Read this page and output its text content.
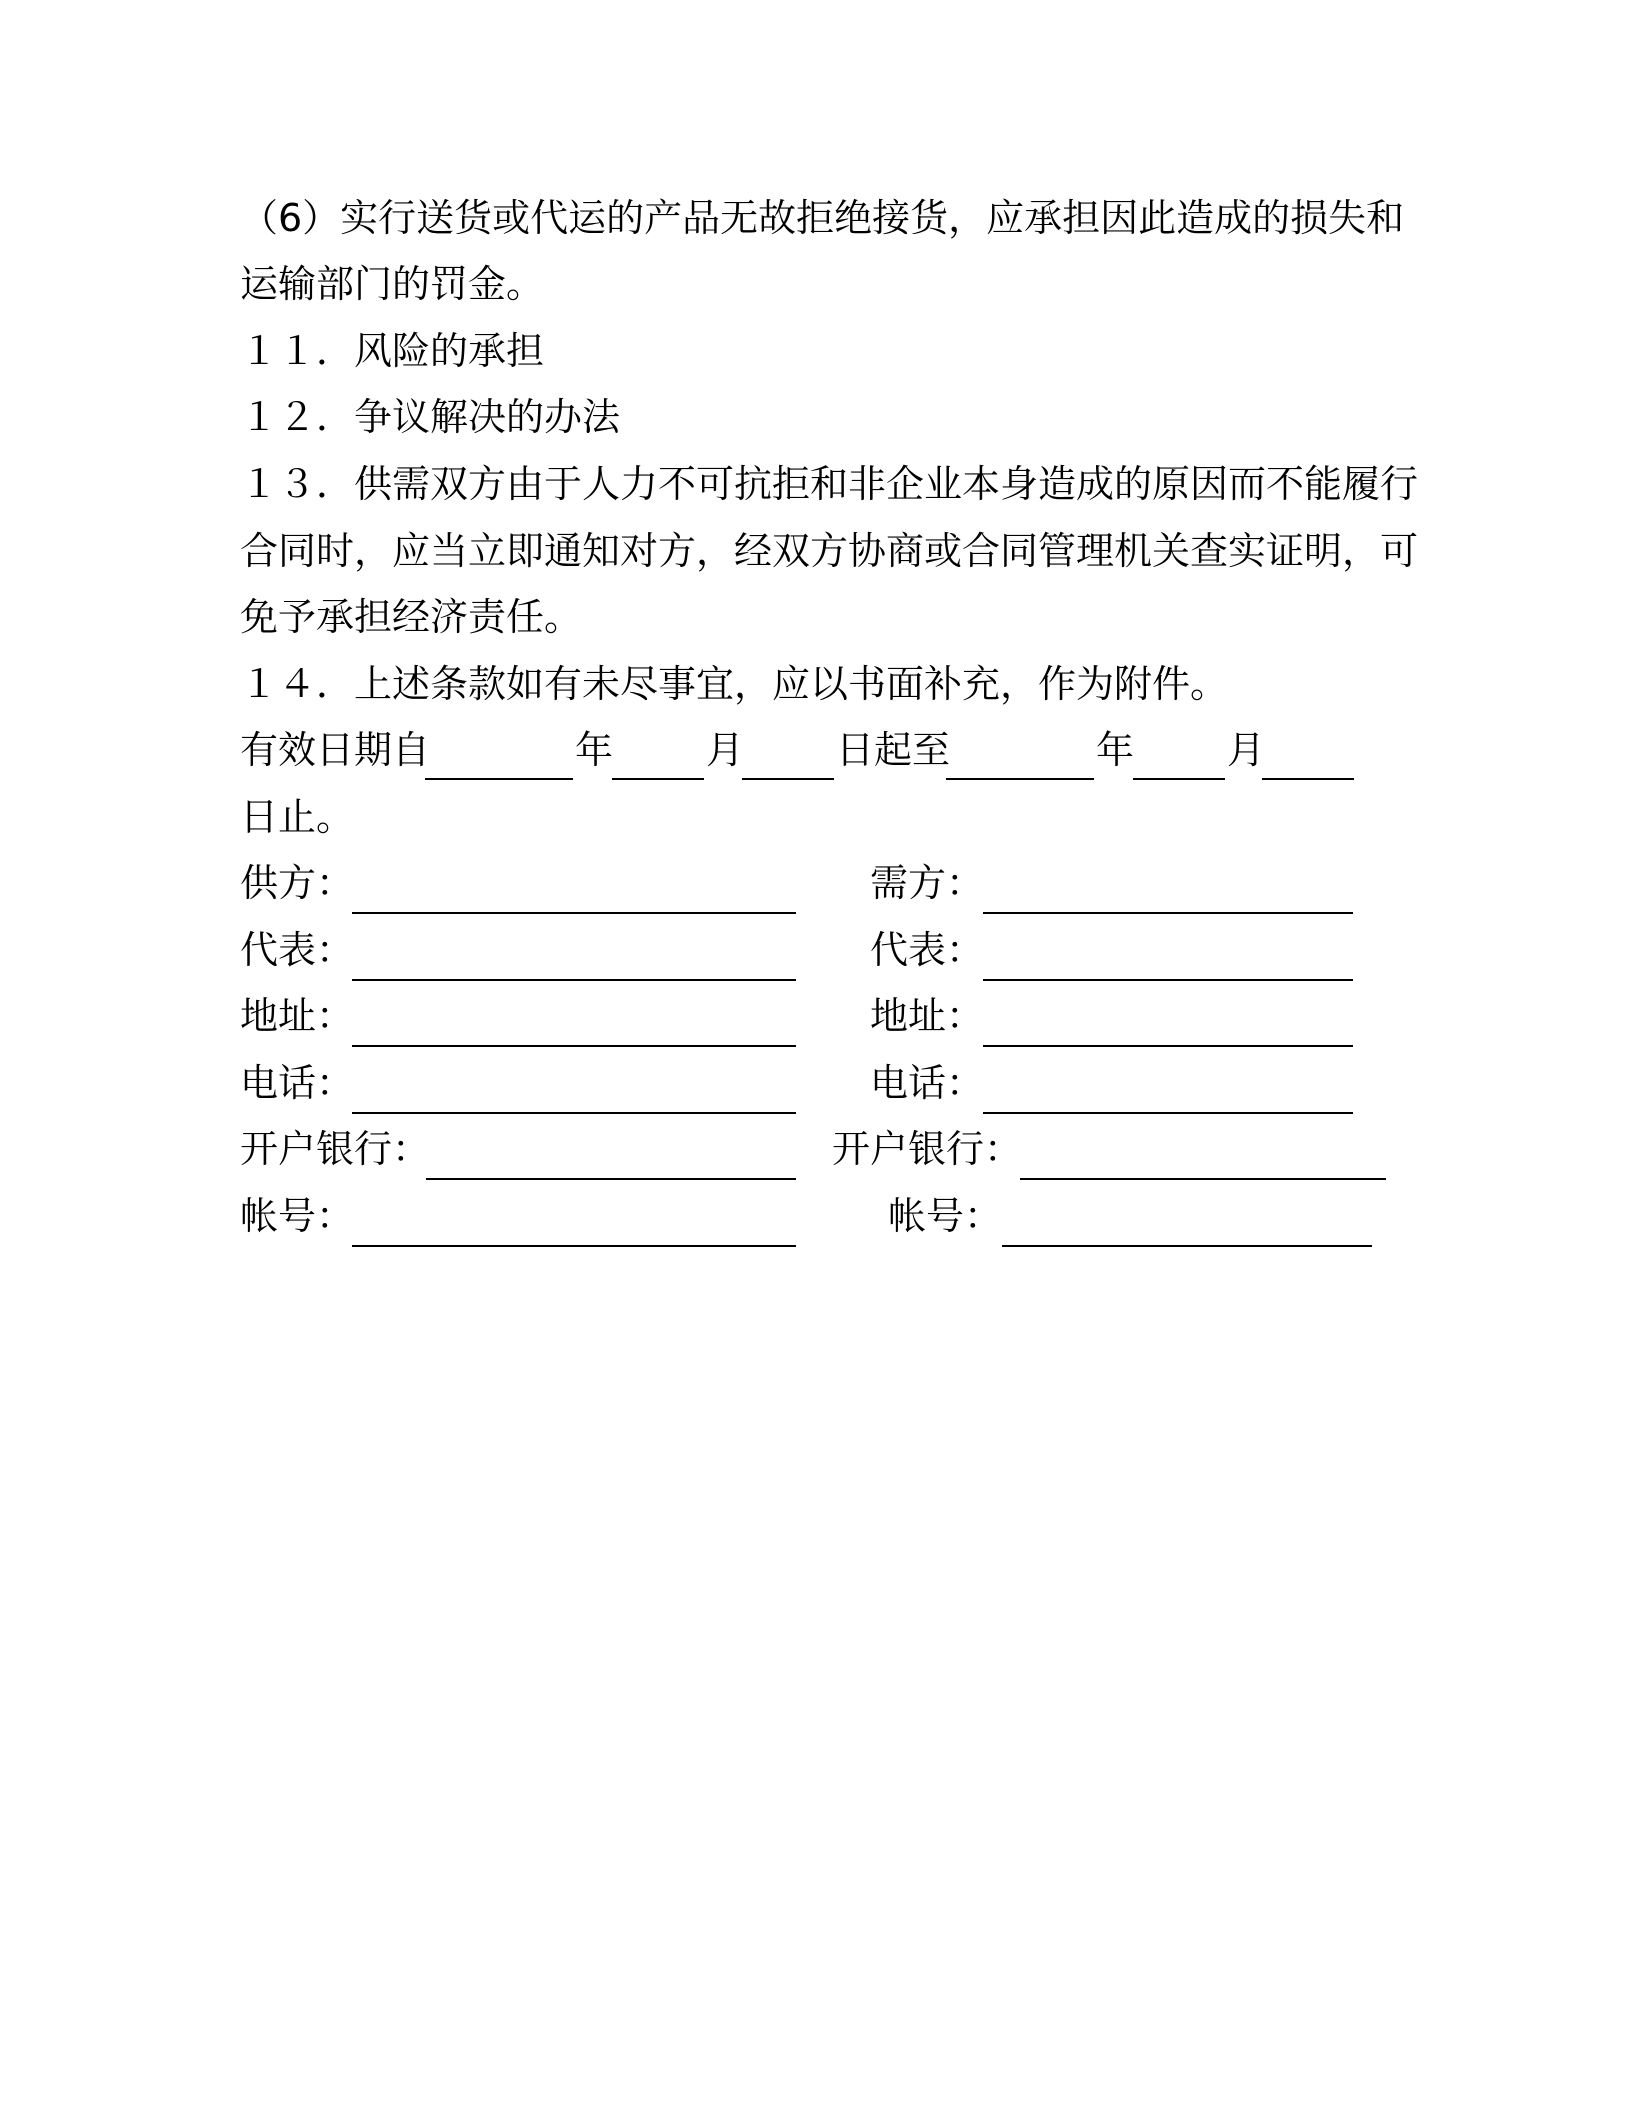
（6）实行送货或代运的产品无故拒绝接货，应承担因此造成的损失和
运输部门的罚金。
１１．风险的承担
１２．争议解决的办法
１３．供需双方由于人力不可抗拒和非企业本身造成的原因而不能履行
合同时，应当立即通知对方，经双方协商或合同管理机关查实证明，可
免予承担经济责任。
１４．上述条款如有未尽事宜，应以书面补充，作为附件。
有效日期自	年 月 日起至	年 月
日止。
供方：
代表：
地址：
电话：
开户银行：
帐号：
需方：
代表：
地址：
电话：
开户银行：
帐号：
